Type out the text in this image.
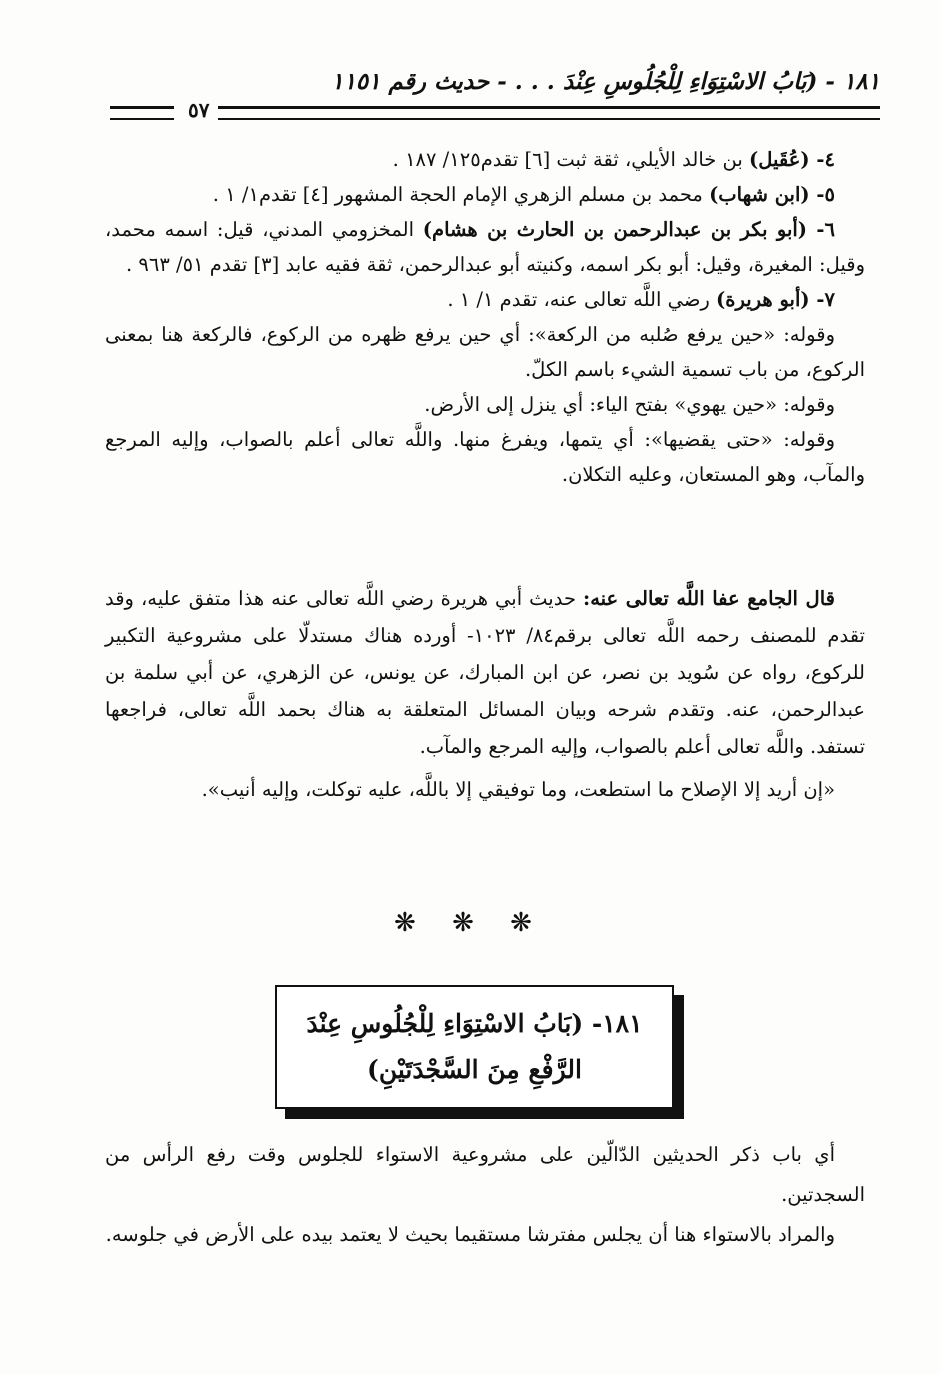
١٨١ - (بَابُ الاسْتِوَاءِ لِلْجُلُوسِ عِنْدَ . . . - حديث رقم ١١٥١
٥٧

٤- (عُقَيل) بن خالد الأيلي، ثقة ثبت [٦] تقدم١٢٥/ ١٨٧ .

٥- (ابن شهاب) محمد بن مسلم الزهري الإمام الحجة المشهور [٤] تقدم١/ ١ .

٦- (أبو بكر بن عبدالرحمن بن الحارث بن هشام) المخزومي المدني، قيل: اسمه محمد، وقيل: المغيرة، وقيل: أبو بكر اسمه، وكنيته أبو عبدالرحمن، ثقة فقيه عابد [٣] تقدم ٥١/ ٩٦٣ .

٧- (أبو هريرة) رضي اللَّه تعالى عنه، تقدم ١/ ١ .

وقوله: «حين يرفع صُلبه من الركعة»: أي حين يرفع ظهره من الركوع، فالركعة هنا بمعنى الركوع، من باب تسمية الشيء باسم الكلّ.

وقوله: «حين يهوي» بفتح الياء: أي ينزل إلى الأرض.

وقوله: «حتى يقضيها»: أي يتمها، ويفرغ منها. واللَّه تعالى أعلم بالصواب، وإليه المرجع والمآب، وهو المستعان، وعليه التكلان.

قال الجامع عفا اللَّه تعالى عنه: حديث أبي هريرة رضي اللَّه تعالى عنه هذا متفق عليه، وقد تقدم للمصنف رحمه اللَّه تعالى برقم٨٤/ ١٠٢٣- أورده هناك مستدلّا على مشروعية التكبير للركوع، رواه عن سُويد بن نصر، عن ابن المبارك، عن يونس، عن الزهري، عن أبي سلمة بن عبدالرحمن، عنه. وتقدم شرحه وبيان المسائل المتعلقة به هناك بحمد اللَّه تعالى، فراجعها تستفد. واللَّه تعالى أعلم بالصواب، وإليه المرجع والمآب.

«إن أريد إلا الإصلاح ما استطعت، وما توفيقي إلا باللَّه، عليه توكلت، وإليه أنيب».

❋ ❋ ❋
١٨١- (بَابُ الاسْتِوَاءِ لِلْجُلُوسِ عِنْدَ
الرَّفْعِ مِنَ السَّجْدَتَيْنِ)

أي باب ذكر الحديثين الدّالّين على مشروعية الاستواء للجلوس وقت رفع الرأس من السجدتين.

والمراد بالاستواء هنا أن يجلس مفترشا مستقيما بحيث لا يعتمد بيده على الأرض في جلوسه.
